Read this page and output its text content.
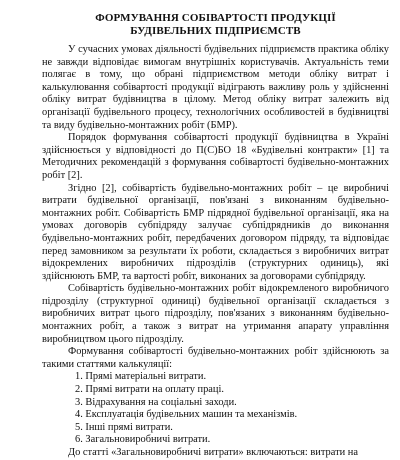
ФОРМУВАННЯ СОБІВАРТОСТІ ПРОДУКЦІЇ
БУДІВЕЛЬНИХ ПІДПРИЄМСТВ

У сучасних умовах діяльності будівельних підприємств практика обліку не завжди відповідає вимогам внутрішніх користувачів. Актуальність теми полягає в тому, що обрані підприємством методи обліку витрат і калькулювання собівартості продукції відіграють важливу роль у здійсненні обліку витрат будівництва в цілому. Метод обліку витрат залежить від організації будівельного процесу, технологічних особливостей в будівництві та виду будівельно-монтажних робіт (БМР).

Порядок формування собівартості продукції будівництва в Україні здійснюється у відповідності до П(С)БО 18 «Будівельні контракти» [1] та Методичних рекомендацій з формування собівартості будівельно-монтажних робіт [2].

Згідно [2], собівартість будівельно-монтажних робіт – це виробничі витрати будівельної організації, пов'язані з виконанням будівельно-монтажних робіт. Собівартість БМР підрядної будівельної організації, яка на умовах договорів субпідряду залучає субпідрядників до виконання будівельно-монтажних робіт, передбачених договором підряду, та відповідає перед замовником за результати їх роботи, складається з виробничих витрат відокремлених виробничих підрозділів (структурних одиниць), які здійснюють БМР, та вартості робіт, виконаних за договорами субпідряду.

Собівартість будівельно-монтажних робіт відокремленого виробничого підрозділу (структурної одиниці) будівельної організації складається з виробничих витрат цього підрозділу, пов'язаних з виконанням будівельно-монтажних робіт, а також з витрат на утримання апарату управління виробництвом цього підрозділу.

Формування собівартості будівельно-монтажних робіт здійснюють за такими статтями калькуляції:

1. Прямі матеріальні витрати.
2. Прямі витрати на оплату праці.
3. Відрахування на соціальні заходи.
4. Експлуатація будівельних машин та механізмів.
5. Інші прямі витрати.
6. Загальновиробничі витрати.

До статті «Загальновиробничі витрати» включаються: витрати на
